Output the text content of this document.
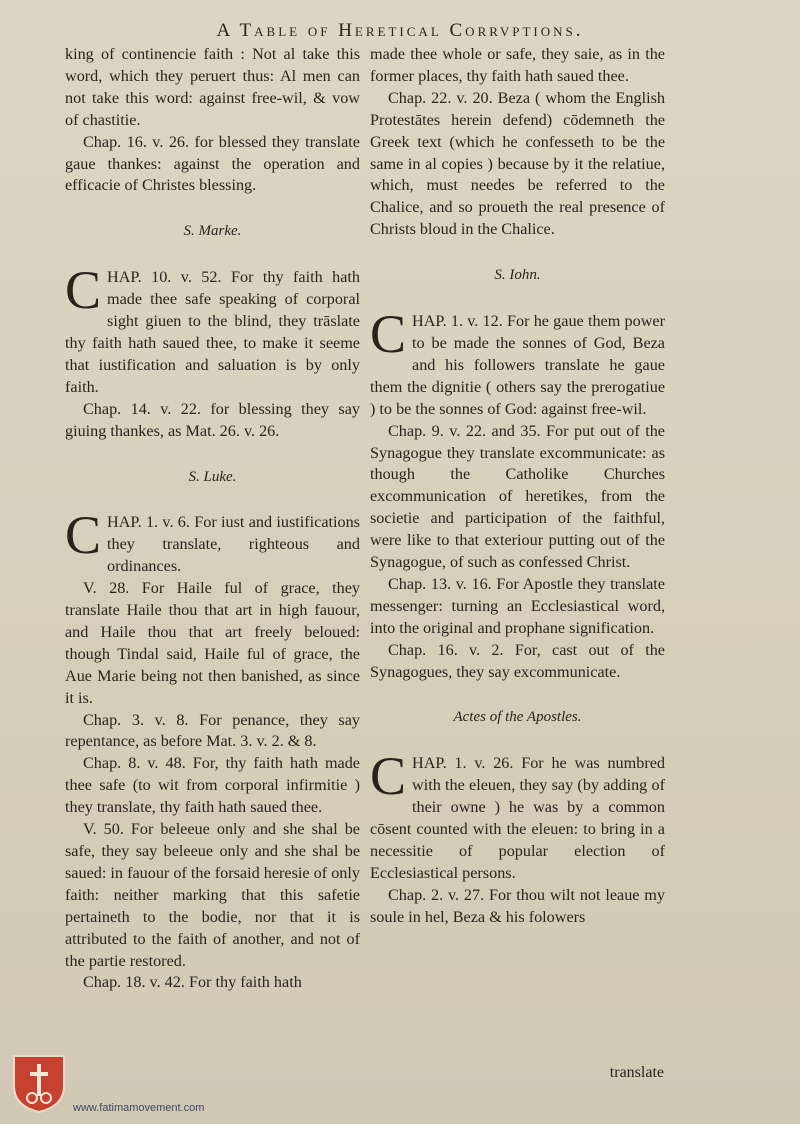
A Table of Heretical Corrvptions.

king of continencie faith : Not al take this word, which they peruert thus: Al men can not take this word: against free-wil, & vow of chastitie.

Chap. 16. v. 26. for blessed they translate gaue thankes: against the operation and efficacie of Christes blessing.

S. Marke.

CHAP. 10. v. 52. For thy faith hath made thee safe speaking of corporal sight giuen to the blind, they trāslate thy faith hath saued thee, to make it seeme that iustification and saluation is by only faith.

Chap. 14. v. 22. for blessing they say giuing thankes, as Mat. 26. v. 26.

S. Luke.

CHAP. 1. v. 6. For iust and iustifications they translate, righteous and ordinances.

V. 28. For Haile ful of grace, they translate Haile thou that art in high fauour, and Haile thou that art freely beloued: though Tindal said, Haile ful of grace, the Aue Marie being not then banished, as since it is.

Chap. 3. v. 8. For penance, they say repentance, as before Mat. 3. v. 2. & 8.

Chap. 8. v. 48. For, thy faith hath made thee safe (to wit from corporal infirmitie ) they translate, thy faith hath saued thee.

V. 50. For beleeue only and she shal be safe, they say beleeue only and she shal be saued: in fauour of the forsaid heresie of only faith: neither marking that this safetie pertaineth to the bodie, nor that it is attributed to the faith of another, and not of the partie restored.

Chap. 18. v. 42. For thy faith hath

made thee whole or safe, they saie, as in the former places, thy faith hath saued thee.

Chap. 22. v. 20. Beza ( whom the English Protestātes herein defend) cōdemneth the Greek text (which he confesseth to be the same in al copies ) because by it the relatiue, which, must needes be referred to the Chalice, and so proueth the real presence of Christs bloud in the Chalice.

S. Iohn.

CHAP. 1. v. 12. For he gaue them power to be made the sonnes of God, Beza and his followers translate he gaue them the dignitie ( others say the prerogatiue ) to be the sonnes of God: against free-wil.

Chap. 9. v. 22. and 35. For put out of the Synagogue they translate excommunicate: as though the Catholike Churches excommunication of heretikes, from the societie and participation of the faithful, were like to that exteriour putting out of the Synagogue, of such as confessed Christ.

Chap. 13. v. 16. For Apostle they translate messenger: turning an Ecclesiastical word, into the original and prophane signification.

Chap. 16. v. 2. For, cast out of the Synagogues, they say excommunicate.

Actes of the Apostles.

CHAP. 1. v. 26. For he was numbred with the eleuen, they say (by adding of their owne ) he was by a common cōsent counted with the eleuen: to bring in a necessitie of popular election of Ecclesiastical persons.

Chap. 2. v. 27. For thou wilt not leaue my soule in hel, Beza & his folowers

translate
www.fatimamovement.com
